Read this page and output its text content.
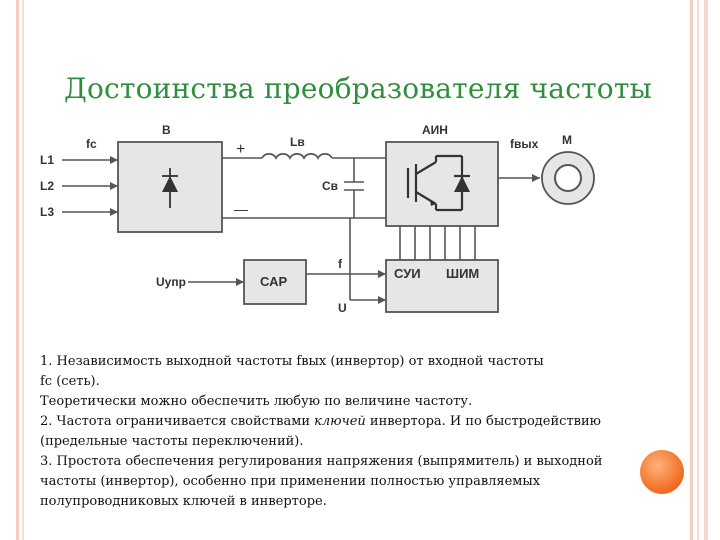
Достоинства преобразователя частоты
L1
L2
L3
fc
В
+
—
Lв
Cв
АИН
fвых М
Uупр	САР
f
U
СУИ ШИМ

1. Независимость выходной частоты fвых (инвертор) от входной частоты

fc (сеть).

Теоретически можно обеспечить любую по величине частоту.

2. Частота ограничивается свойствами ключей инвертора. И по быстродействию

(предельные частоты переключений).

3. Простота обеспечения регулирования напряжения (выпрямитель) и выходной

частоты (инвертор), особенно при применении полностью управляемых

полупроводниковых ключей в инверторе.
